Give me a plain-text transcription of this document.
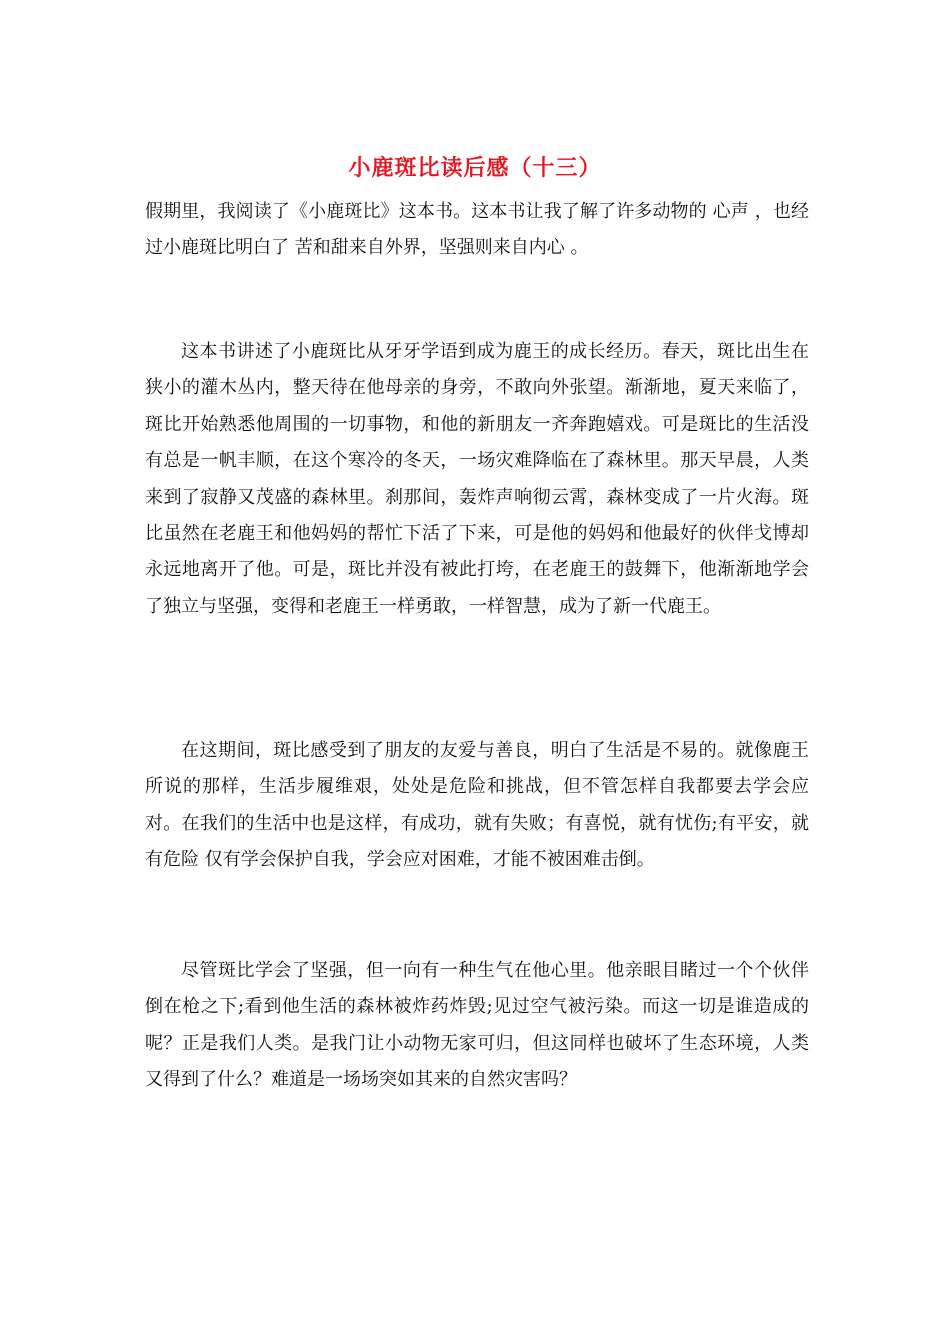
小鹿斑比读后感（十三）

假期里，我阅读了《小鹿斑比》这本书。这本书让我了解了许多动物的 心声 ，也经过小鹿斑比明白了 苦和甜来自外界，坚强则来自内心 。

这本书讲述了小鹿斑比从牙牙学语到成为鹿王的成长经历。春天，斑比出生在狭小的灌木丛内，整天待在他母亲的身旁，不敢向外张望。渐渐地，夏天来临了，斑比开始熟悉他周围的一切事物，和他的新朋友一齐奔跑嬉戏。可是斑比的生活没有总是一帆丰顺，在这个寒冷的冬天，一场灾难降临在了森林里。那天早晨，人类来到了寂静又茂盛的森林里。刹那间，轰炸声响彻云霄，森林变成了一片火海。斑比虽然在老鹿王和他妈妈的帮忙下活了下来，可是他的妈妈和他最好的伙伴戈博却永远地离开了他。可是，斑比并没有被此打垮，在老鹿王的鼓舞下，他渐渐地学会了独立与坚强，变得和老鹿王一样勇敢，一样智慧，成为了新一代鹿王。

在这期间，斑比感受到了朋友的友爱与善良，明白了生活是不易的。就像鹿王所说的那样，生活步履维艰，处处是危险和挑战，但不管怎样自我都要去学会应对。在我们的生活中也是这样，有成功，就有失败；有喜悦，就有忧伤;有平安，就有危险 仅有学会保护自我，学会应对困难，才能不被困难击倒。

尽管斑比学会了坚强，但一向有一种生气在他心里。他亲眼目睹过一个个伙伴倒在枪之下;看到他生活的森林被炸药炸毁;见过空气被污染。而这一切是谁造成的呢？正是我们人类。是我门让小动物无家可归，但这同样也破坏了生态环境，人类又得到了什么？难道是一场场突如其来的自然灾害吗？
